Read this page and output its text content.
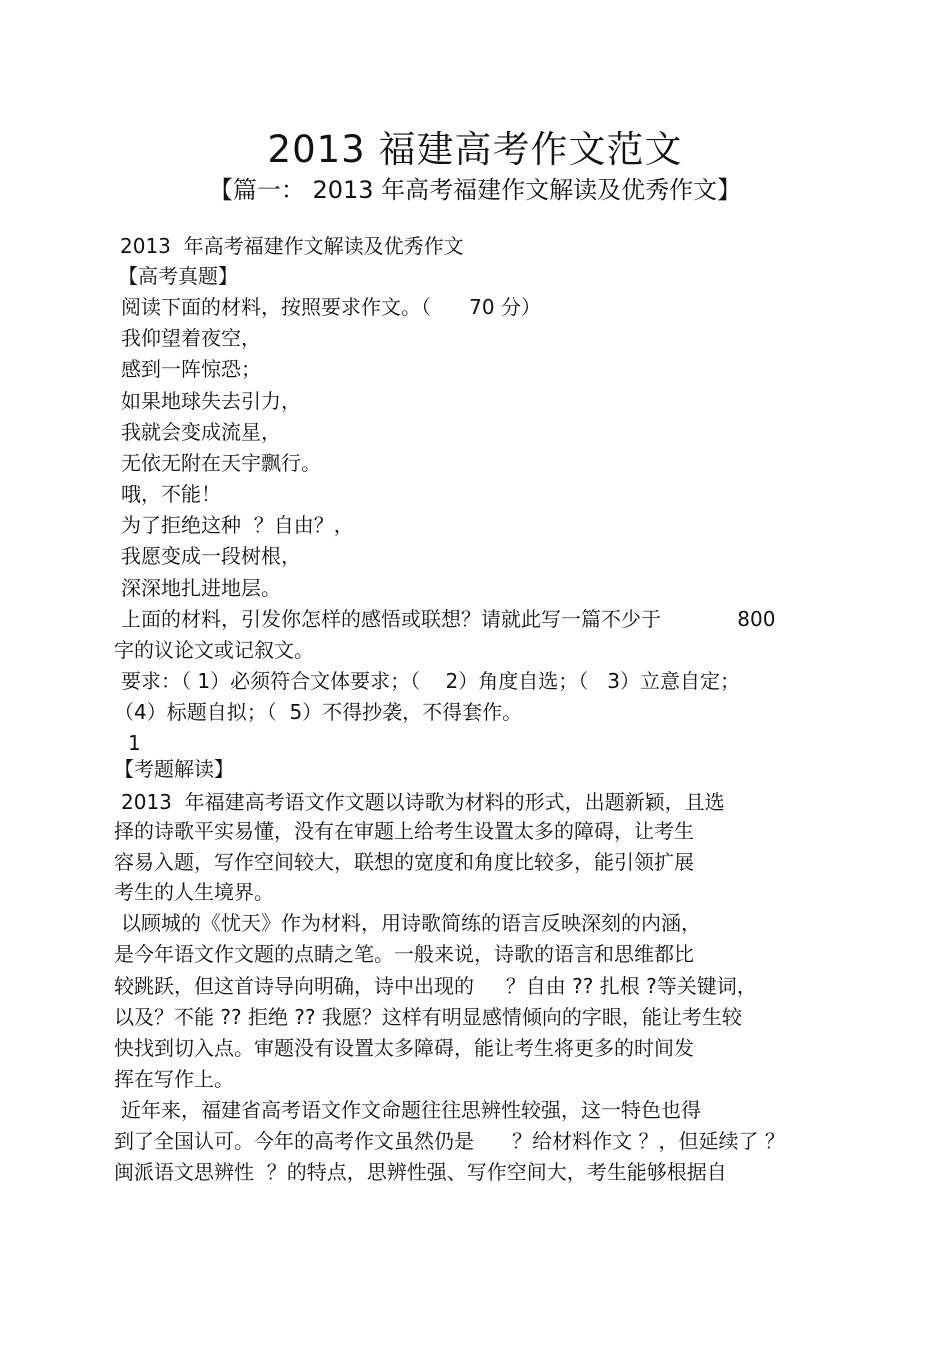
2013 福建高考作文范文
【篇一： 2013 年高考福建作文解读及优秀作文】
2013  年高考福建作文解读及优秀作文
【高考真题】
阅读下面的材料，按照要求作文。（      70 分）
我仰望着夜空，
感到一阵惊恐；
如果地球失去引力，
我就会变成流星，
无依无附在天宇飘行。
哦，不能！
为了拒绝这种  ？自由？，
我愿变成一段树根，
深深地扎进地层。
上面的材料，引发你怎样的感悟或联想？请就此写一篇不少于            800
字的议论文或记叙文。
要求：（ 1）必须符合文体要求；（    2）角度自选；（   3）立意自定；
（4）标题自拟；（  5）不得抄袭，不得套作。
1
【考题解读】
2013  年福建高考语文作文题以诗歌为材料的形式，出题新颖，且选
择的诗歌平实易懂，没有在审题上给考生设置太多的障碍，让考生
容易入题，写作空间较大，联想的宽度和角度比较多，能引领扩展
考生的人生境界。
以顾城的《忧天》作为材料，用诗歌简练的语言反映深刻的内涵，
是今年语文作文题的点睛之笔。一般来说，诗歌的语言和思维都比
较跳跃，但这首诗导向明确，诗中出现的     ？自由 ?? 扎根 ?等关键词，
以及？不能 ?? 拒绝 ?? 我愿？这样有明显感情倾向的字眼，能让考生较
快找到切入点。审题没有设置太多障碍，能让考生将更多的时间发
挥在写作上。
近年来，福建省高考语文作文命题往往思辨性较强，这一特色也得
到了全国认可。今年的高考作文虽然仍是      ？给材料作文 ？，但延续了 ？
闽派语文思辨性  ？的特点，思辨性强、写作空间大，考生能够根据自
